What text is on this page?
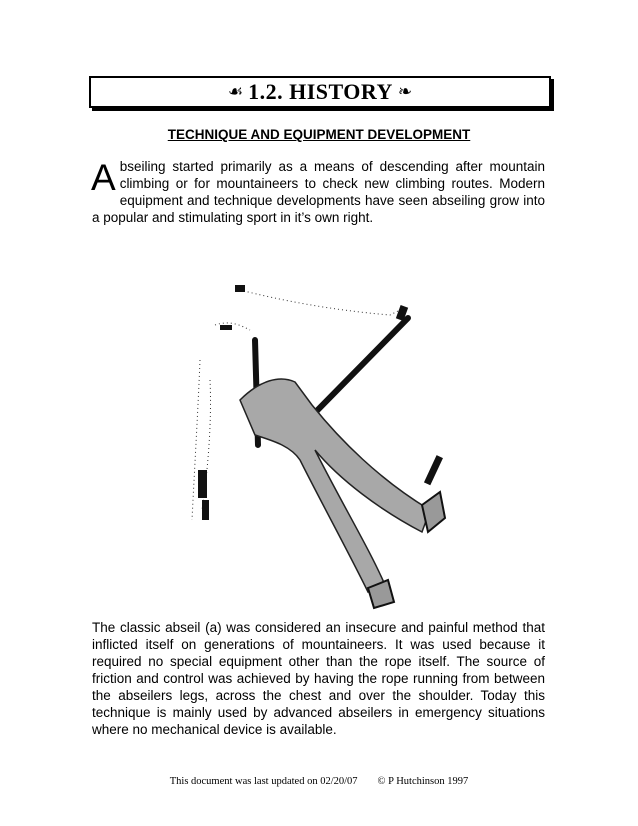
☙ 1.2. HISTORY ❧
TECHNIQUE AND EQUIPMENT DEVELOPMENT

Abseiling started primarily as a means of descending after mountain climbing or for mountaineers to check new climbing routes. Modern equipment and technique developments have seen abseiling grow into a popular and stimulating sport in it’s own right.

The classic abseil (a) was considered an insecure and painful method that inflicted itself on generations of mountaineers. It was used because it required no special equipment other than the rope itself. The source of friction and control was achieved by having the rope running from between the abseilers legs, across the chest and over the shoulder. Today this technique is mainly used by advanced abseilers in emergency situations where no mechanical device is available.

This document was last updated on 02/20/07 © P Hutchinson 1997
